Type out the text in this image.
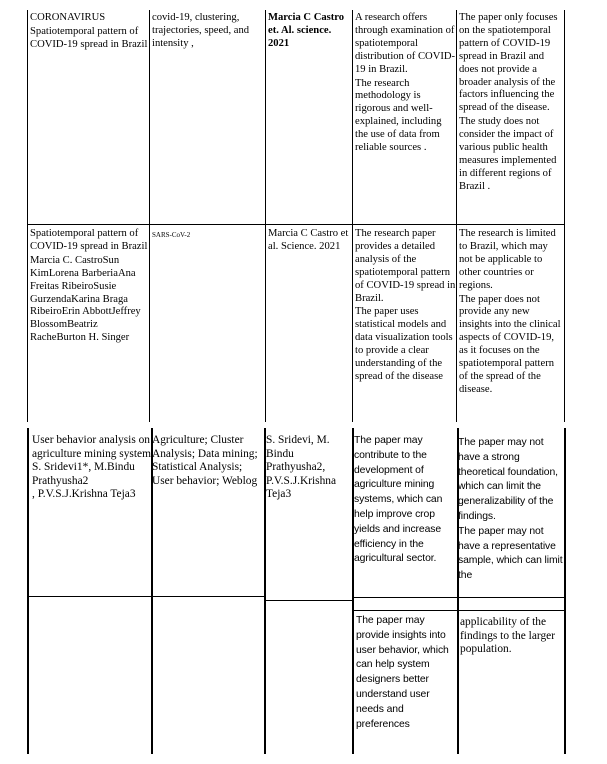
CORONAVIRUS

Spatiotemporal pattern of COVID-19 spread in Brazil

covid-19, clustering, trajectories, speed, and intensity ,

Marcia C Castro et. Al. science. 2021

A research offers through examination of spatiotemporal distribution of COVID-19 in Brazil.

The research methodology is rigorous and well-explained, including the use of data from reliable sources .

The paper only focuses on the spatiotemporal pattern of COVID-19 spread in Brazil and does not provide a broader analysis of the factors influencing the spread of the disease.

The study does not consider the impact of various public health measures implemented in different regions of Brazil .

Spatiotemporal pattern of COVID-19 spread in Brazil

Marcia C. CastroSun KimLorena BarberiaAna Freitas RibeiroSusie GurzendaKarina Braga RibeiroErin AbbottJeffrey BlossomBeatriz RacheBurton H. Singer

SARS-CoV-2	Marcia C Castro et al. Science. 2021

The research paper provides a detailed analysis of the spatiotemporal pattern of COVID-19 spread in Brazil.

The paper uses statistical models and data visualization tools to provide a clear understanding of the spread of the disease

The research is limited to Brazil, which may not be applicable to other countries or regions.

The paper does not provide any new insights into the clinical aspects of COVID-19, as it focuses on the spatiotemporal pattern of the spread of the disease.

User behavior analysis on agriculture mining system S. Sridevi1*, M.Bindu Prathyusha2

, P.V.S.J.Krishna Teja3

Agriculture; Cluster Analysis; Data mining; Statistical Analysis; User behavior; Weblog

S. Sridevi, M. Bindu Prathyusha2, P.V.S.J.Krishna Teja3

The paper may contribute to the development of agriculture mining systems, which can help improve crop yields and increase efficiency in the agricultural sector.

The paper may not have a strong theoretical foundation, which can limit the generalizability of the findings.

The paper may not have a representative sample, which can limit the

The paper may provide insights into user behavior, which can help system designers better understand user needs and preferences

applicability of the findings to the larger population.
